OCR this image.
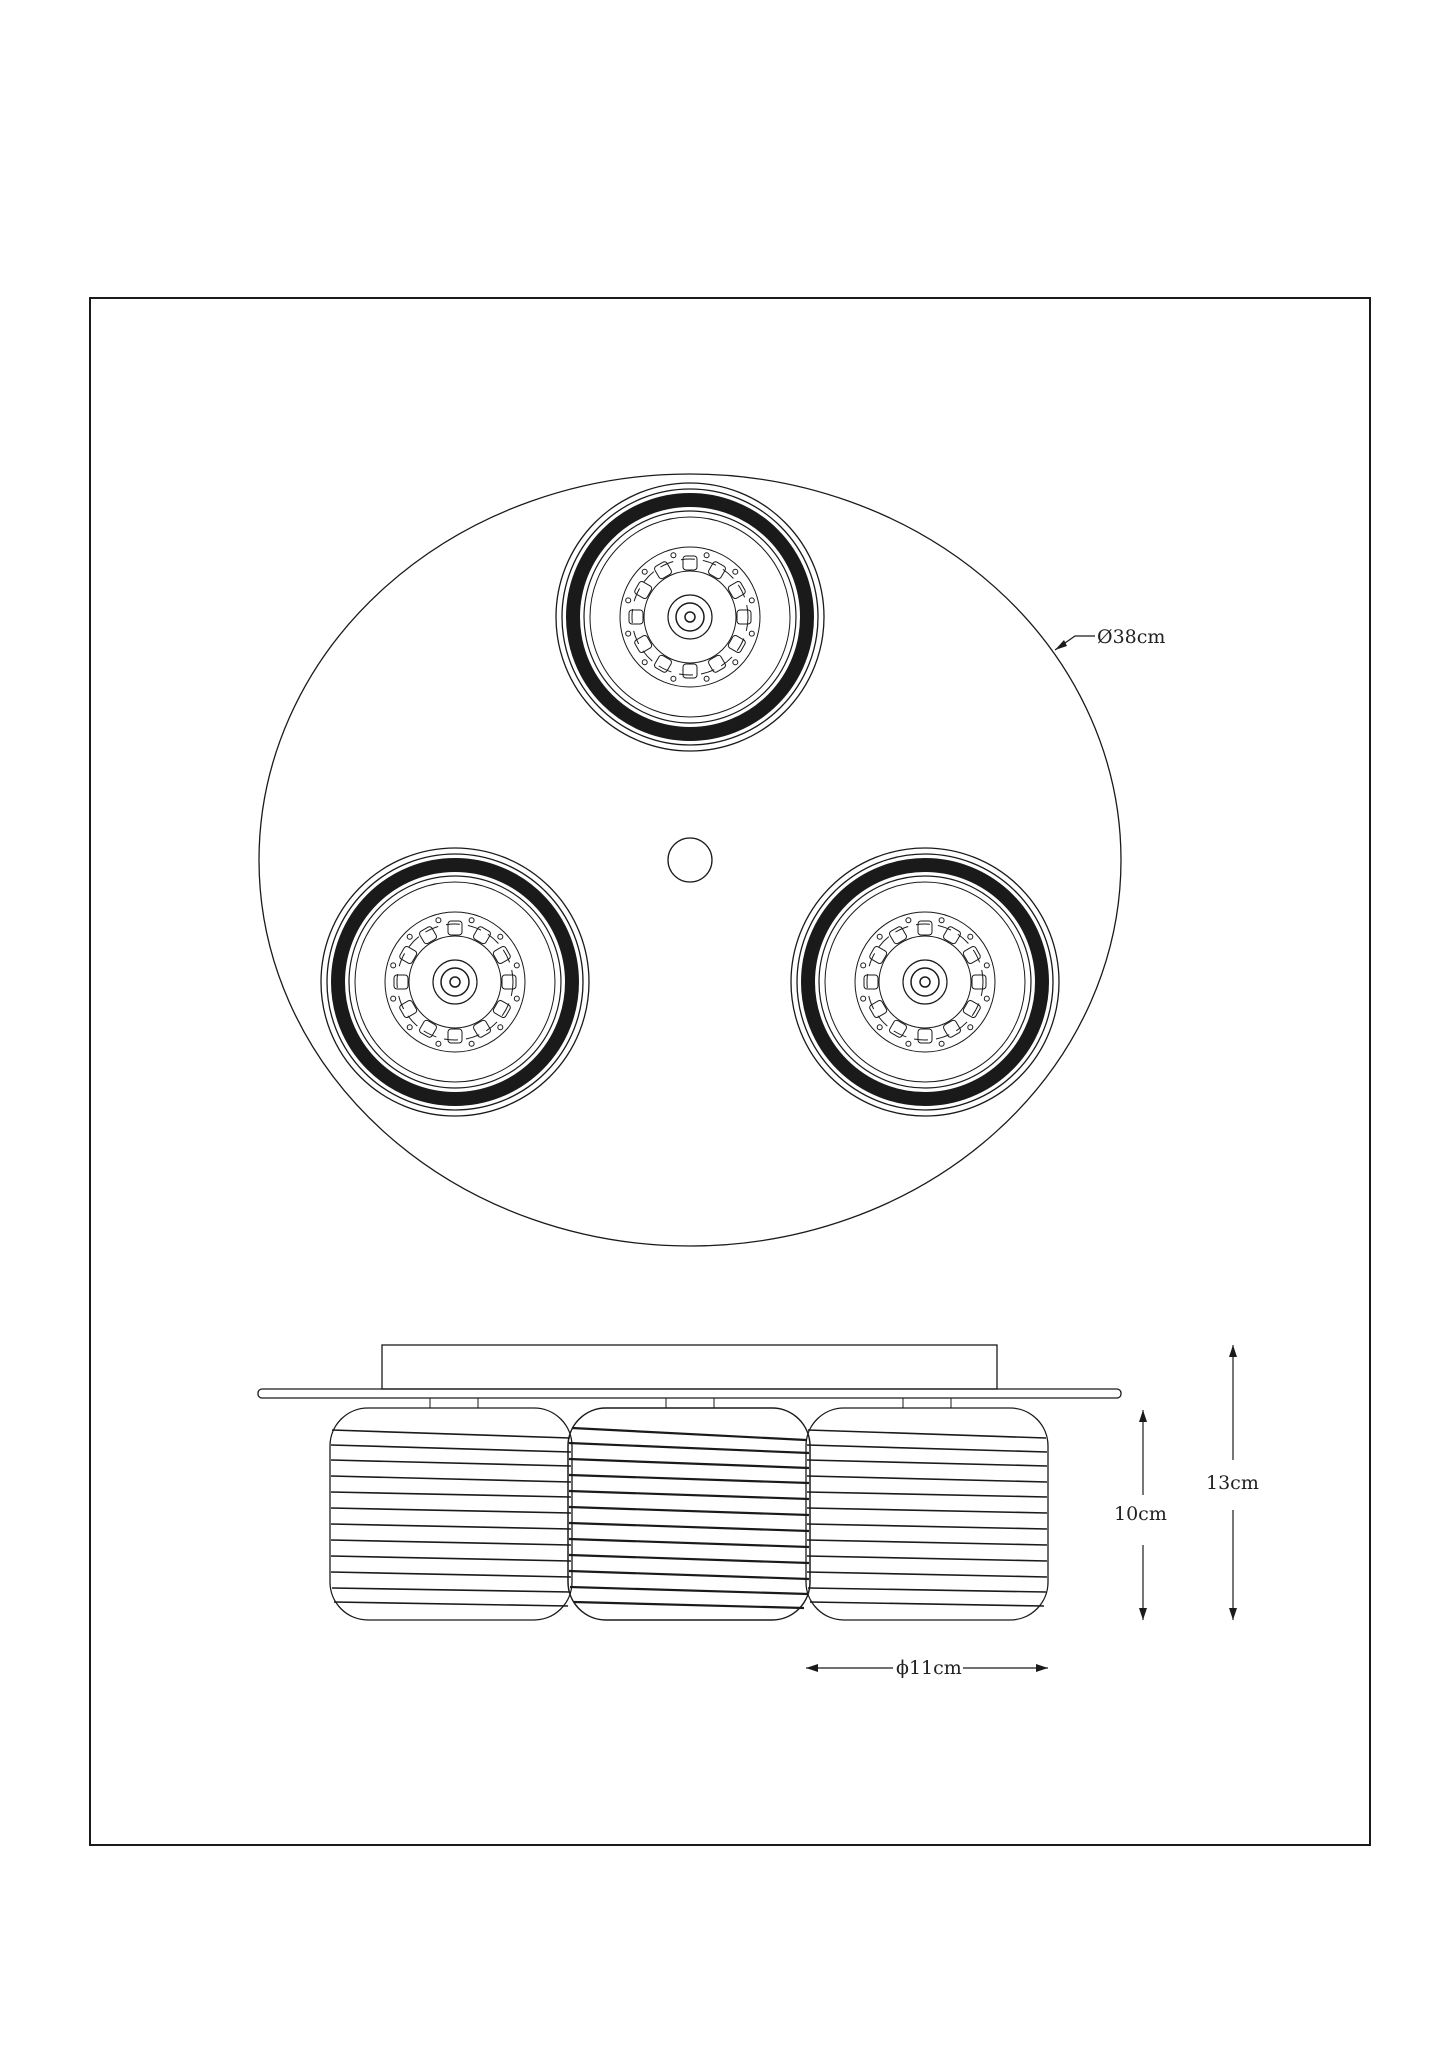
Ø38cm
10cm
13cm
ϕ11cm
